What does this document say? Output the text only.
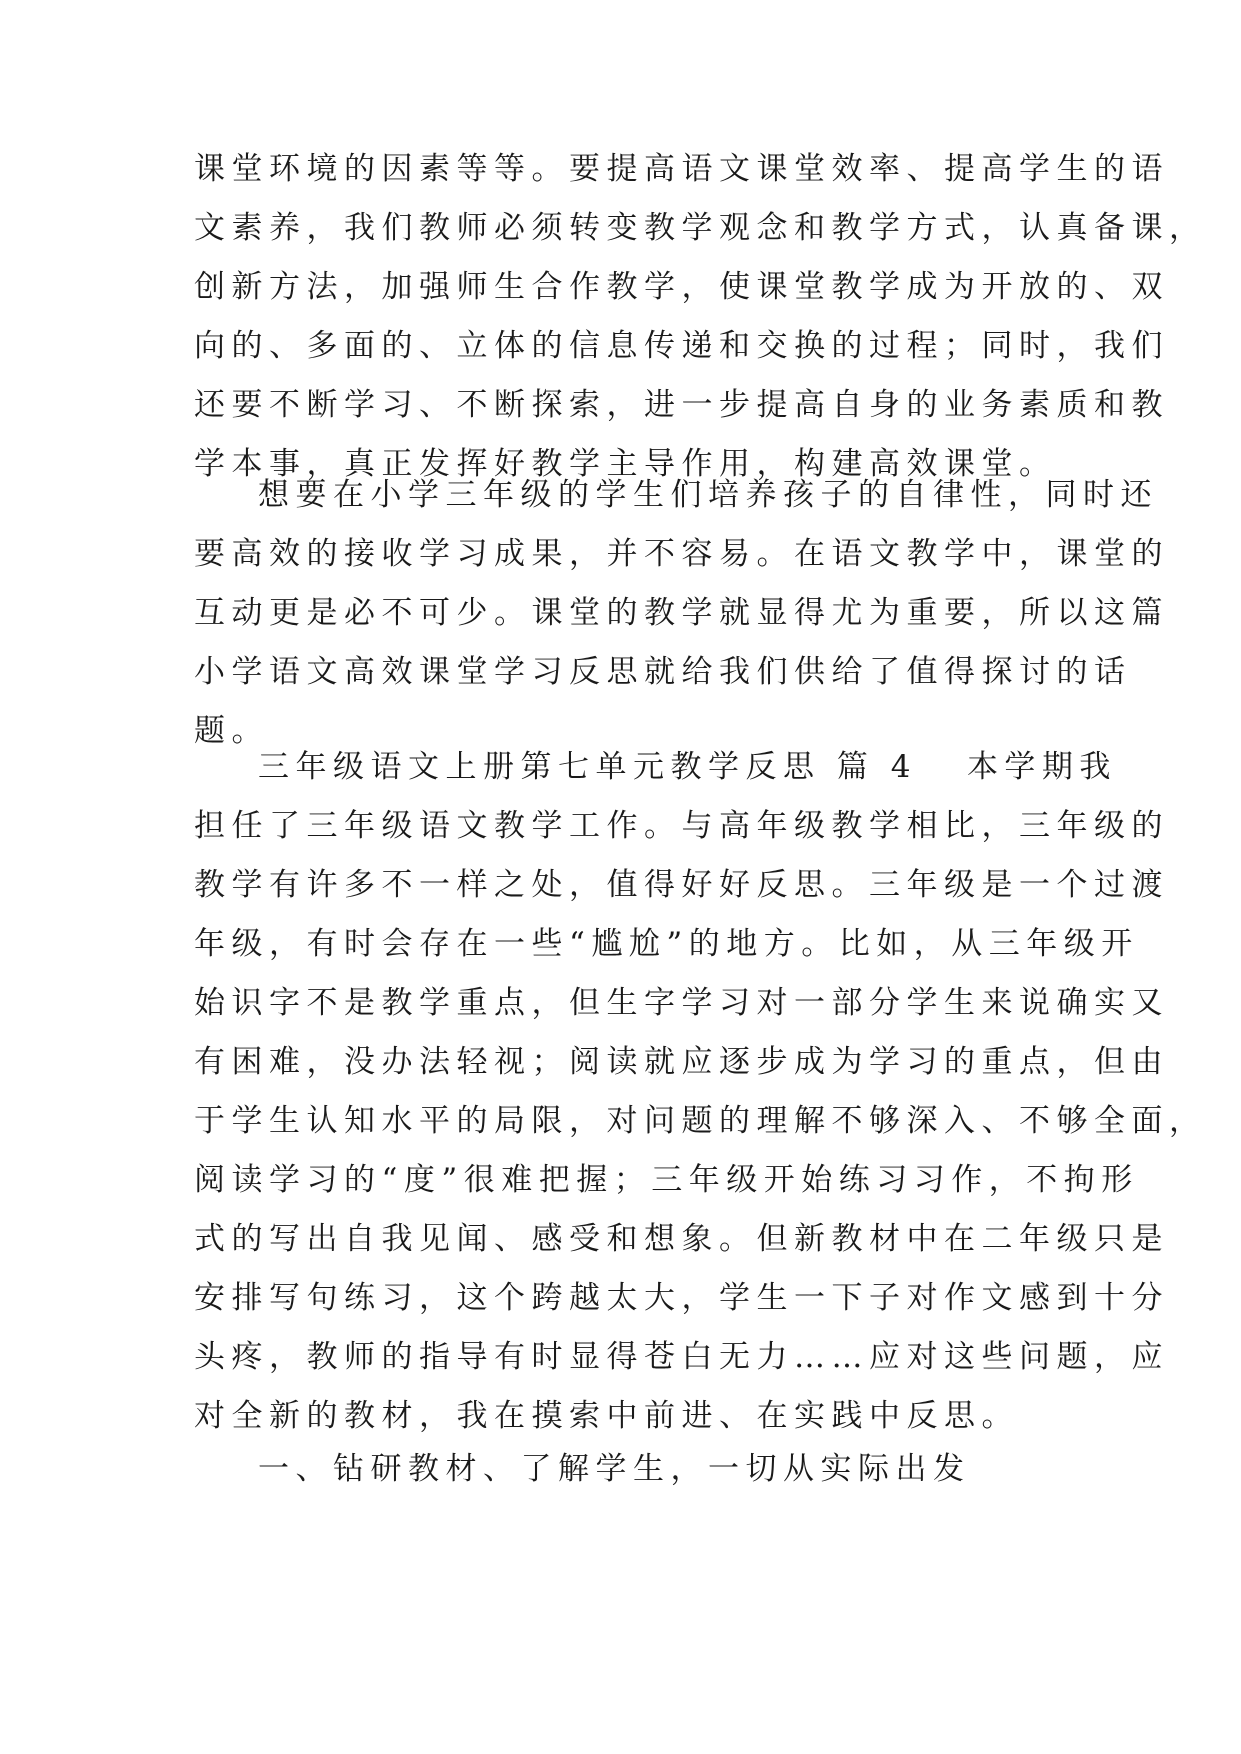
课堂环境的因素等等。要提高语文课堂效率、提高学生的语
文素养，我们教师必须转变教学观念和教学方式，认真备课，
创新方法，加强师生合作教学，使课堂教学成为开放的、双
向的、多面的、立体的信息传递和交换的过程；同时，我们
还要不断学习、不断探索，进一步提高自身的业务素质和教
学本事，真正发挥好教学主导作用，构建高效课堂。
想要在小学三年级的学生们培养孩子的自律性，同时还
要高效的接收学习成果，并不容易。在语文教学中，课堂的
互动更是必不可少。课堂的教学就显得尤为重要，所以这篇
小学语文高效课堂学习反思就给我们供给了值得探讨的话
题。
三年级语文上册第七单元教学反思 篇 4 本学期我
担任了三年级语文教学工作。与高年级教学相比，三年级的
教学有许多不一样之处，值得好好反思。三年级是一个过渡
年级，有时会存在一些“尴尬”的地方。比如，从三年级开
始识字不是教学重点，但生字学习对一部分学生来说确实又
有困难，没办法轻视；阅读就应逐步成为学习的重点，但由
于学生认知水平的局限，对问题的理解不够深入、不够全面，
阅读学习的“度”很难把握；三年级开始练习习作，不拘形
式的写出自我见闻、感受和想象。但新教材中在二年级只是
安排写句练习，这个跨越太大，学生一下子对作文感到十分
头疼，教师的指导有时显得苍白无力……应对这些问题，应
对全新的教材，我在摸索中前进、在实践中反思。
一、钻研教材、了解学生，一切从实际出发
